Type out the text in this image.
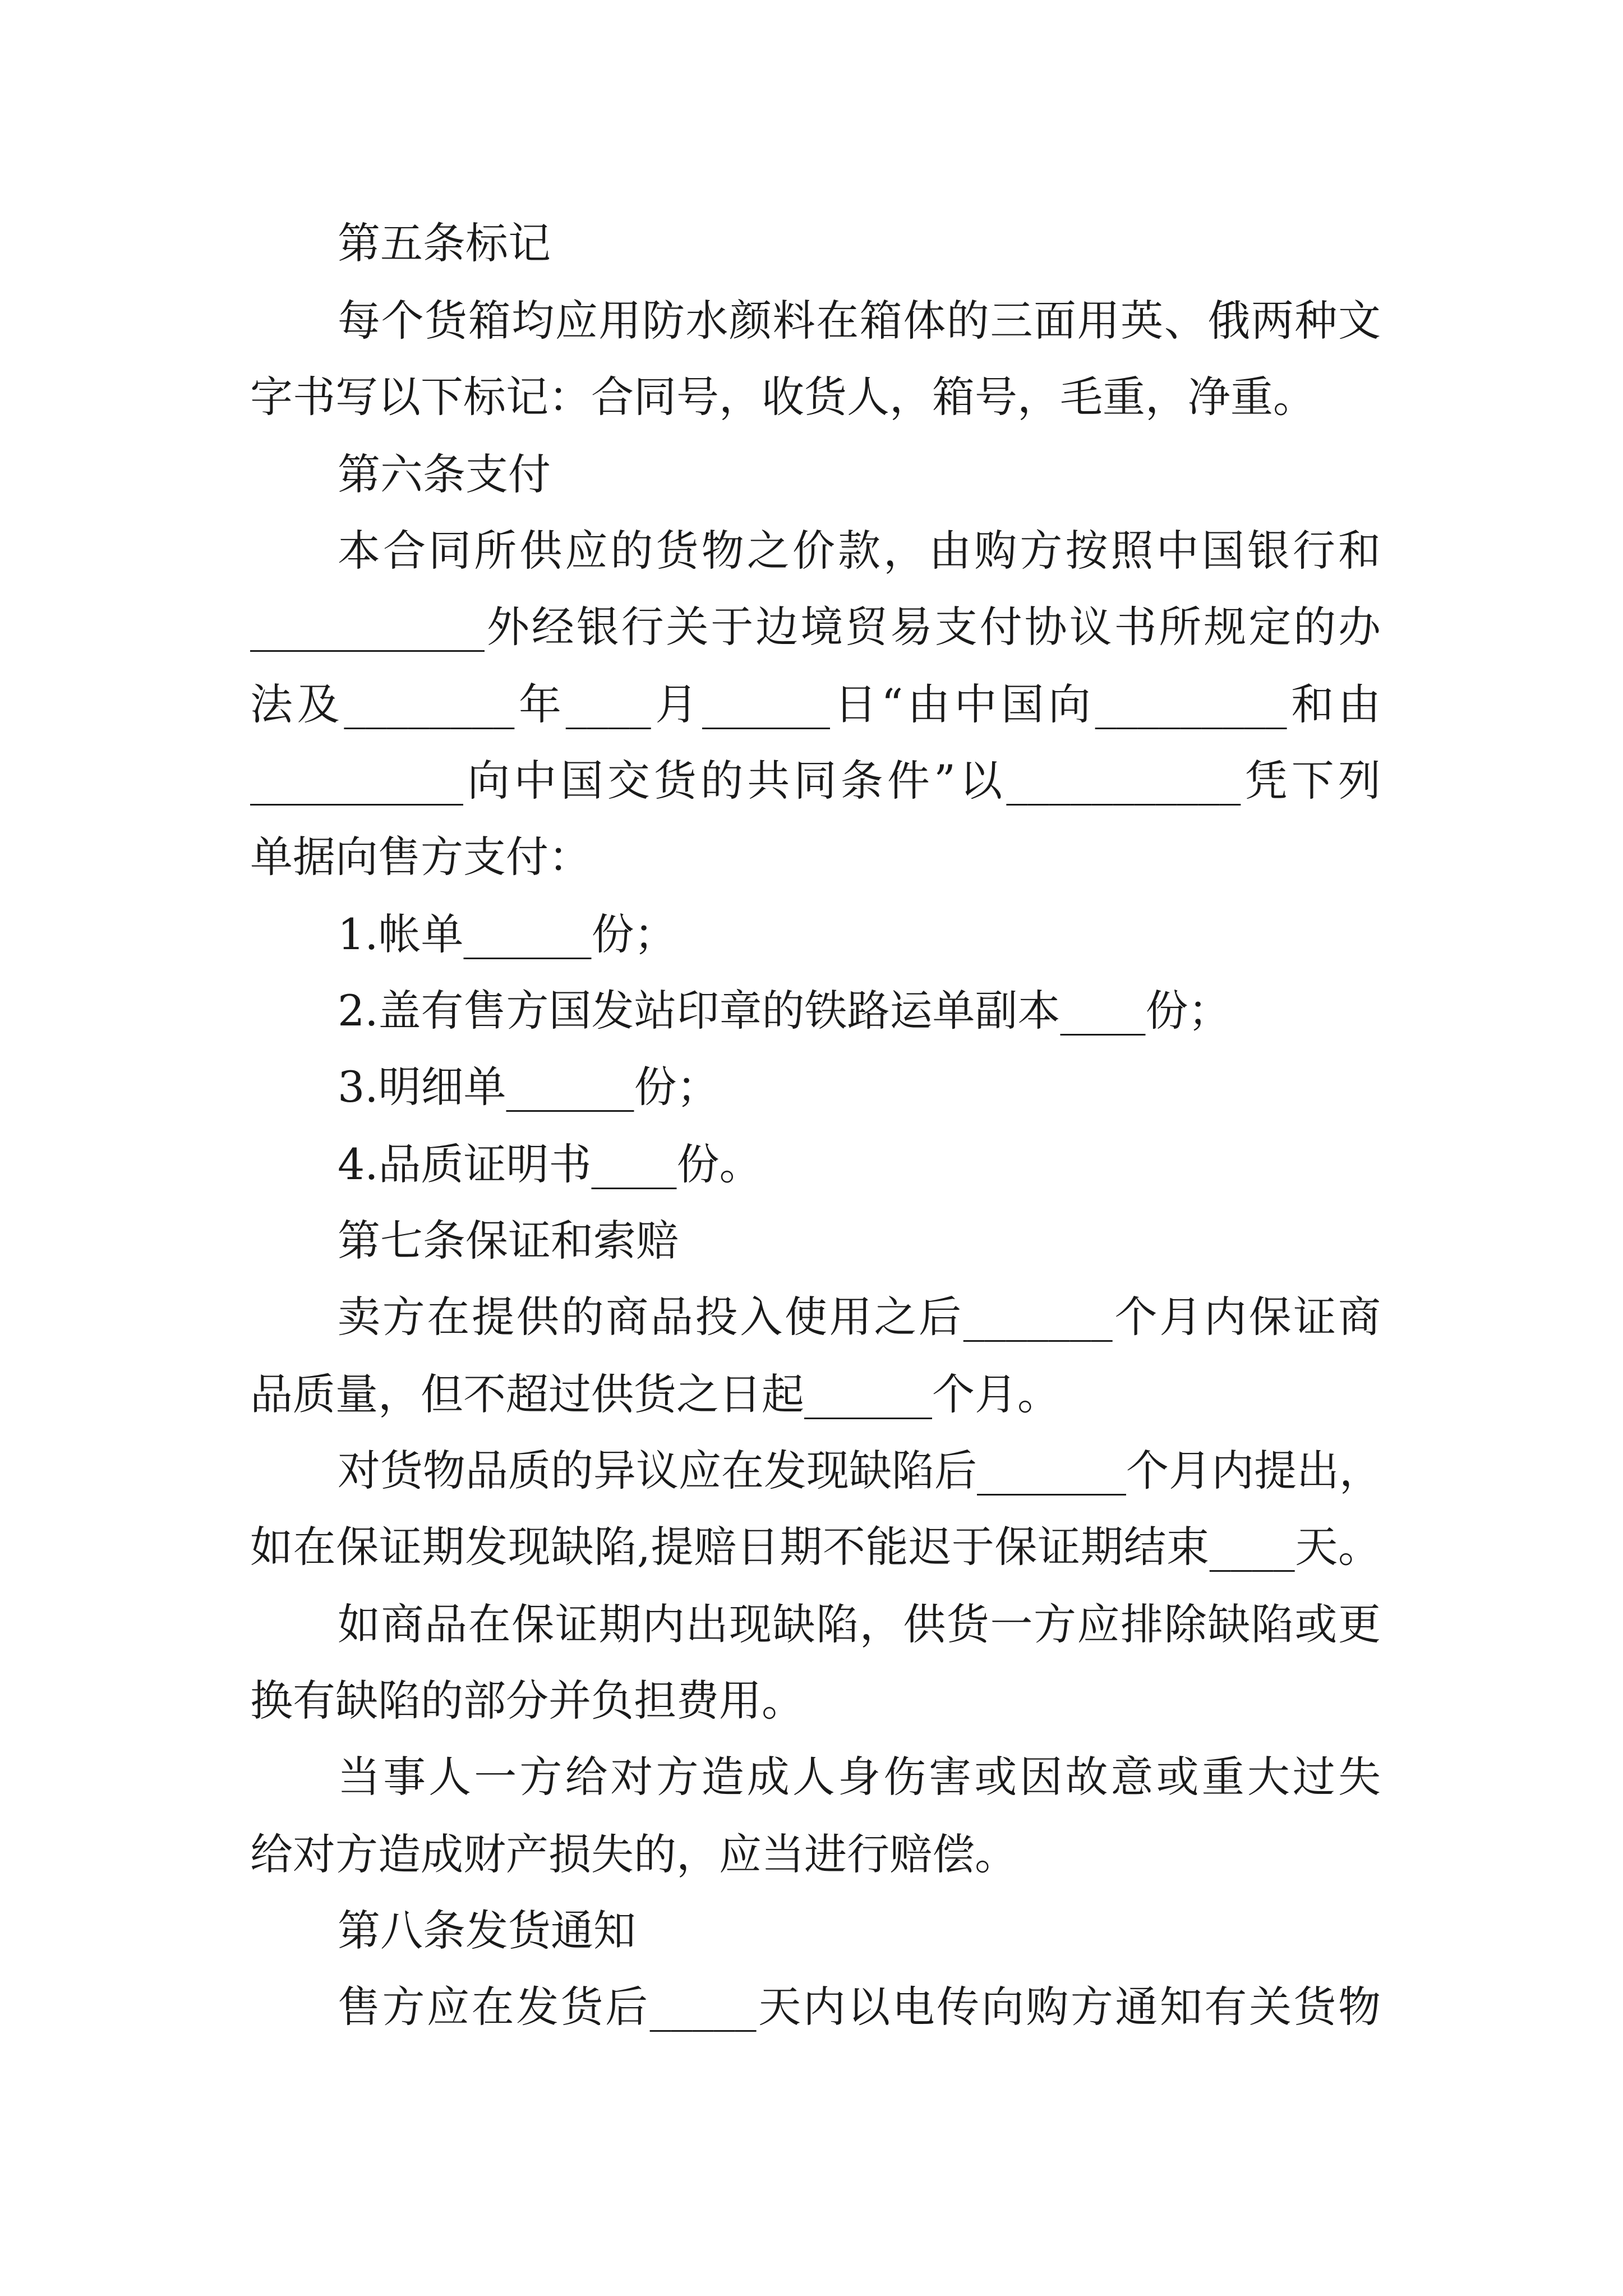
第五条标记
每个货箱均应用防水颜料在箱体的三面用英、俄两种文
字书写以下标记：合同号，收货人，箱号，毛重，净重。
第六条支付
本合同所供应的货物之价款，由购方按照中国银行和
___________外经银行关于边境贸易支付协议书所规定的办
法及________年____月______日“由中国向_________和由
__________向中国交货的共同条件”以___________凭下列
单据向售方支付：
1.帐单______份；
2.盖有售方国发站印章的铁路运单副本____份；
3.明细单______份；
4.品质证明书____份。
第七条保证和索赔
卖方在提供的商品投入使用之后_______个月内保证商
品质量，但不超过供货之日起______个月。
对货物品质的异议应在发现缺陷后_______个月内提出，
如在保证期发现缺陷,提赔日期不能迟于保证期结束____天。
如商品在保证期内出现缺陷，供货一方应排除缺陷或更
换有缺陷的部分并负担费用。
当事人一方给对方造成人身伤害或因故意或重大过失
给对方造成财产损失的，应当进行赔偿。
第八条发货通知
售方应在发货后_____天内以电传向购方通知有关货物
